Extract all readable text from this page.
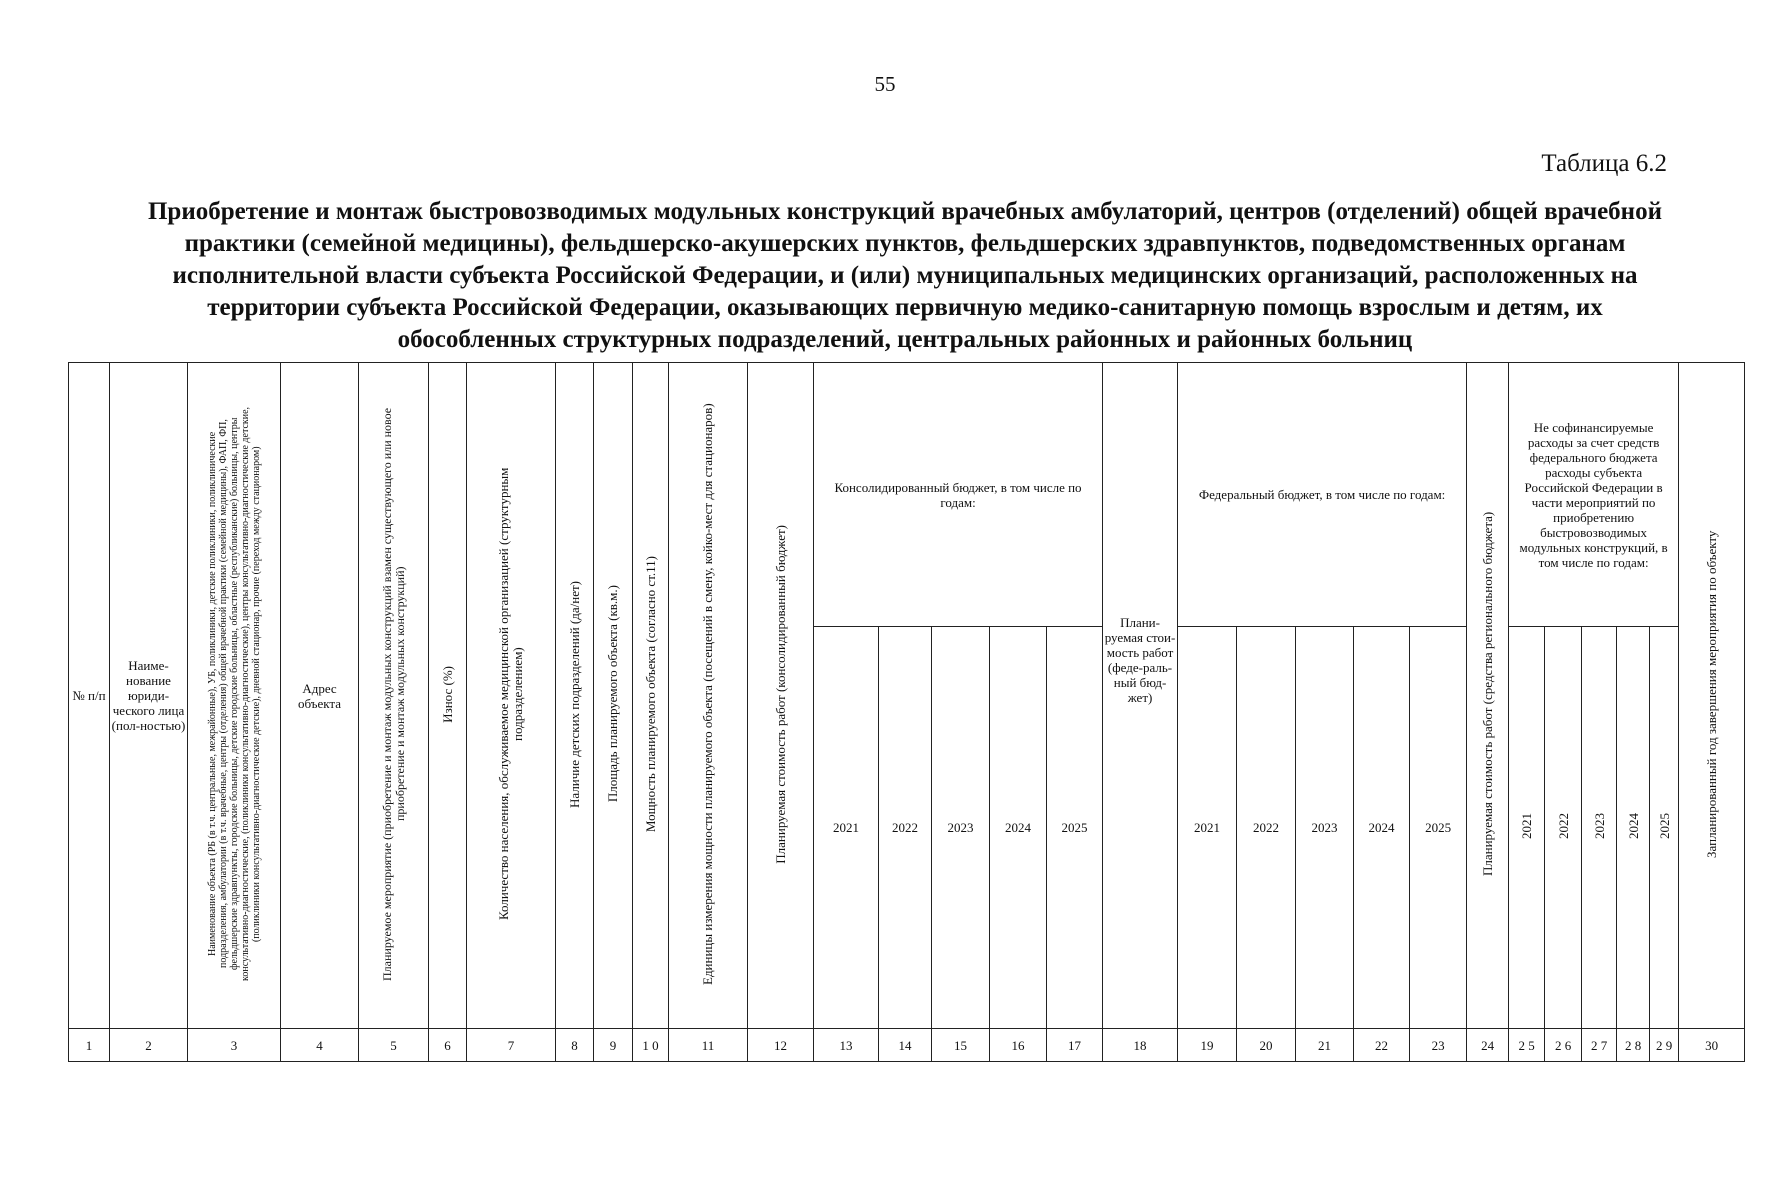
55
Таблица 6.2
Приобретение и монтаж быстровозводимых модульных конструкций врачебных амбулаторий, центров (отделений) общей врачебной практики (семейной медицины), фельдшерско-акушерских пунктов, фельдшерских здравпунктов, подведомственных органам исполнительной власти субъекта Российской Федерации, и (или) муниципальных медицинских организаций, расположенных на территории субъекта Российской Федерации, оказывающих первичную медико-санитарную помощь взрослым и детям, их обособленных структурных подразделений, центральных районных и районных больниц
№ п/п	Наиме-нование юриди-ческого лица (пол-ностью)	Наименование объекта (РБ (в т.ч. центральные, межрайонные), УБ, поликлиники, детские поликлиники, поликлинические подразделения, амбулатории (в т.ч. врачебные, центры (отделения) общей врачебной практики (семейной медицины), ФАП, ФП, фельдшерские здравпункты, городские больницы, детские городские больницы, областные (республиканские) больницы, центры консультативно-диагностические, (поликлиники консультативно-диагностические), центры консультативно-диагностические детские, (поликлиники консультативно-диагностические детские), дневной стационар, прочие (переход между стационаром)	Адрес объекта	Планируемое мероприятие (приобретение и монтаж модульных конструкций взамен существующего или новое приобретение и монтаж модульных конструкций)	Износ (%)	Количество населения, обслуживаемое медицинской организацией (структурным подразделением)	Наличие детских подразделений (да/нет)	Площадь планируемого объекта (кв.м.)	Мощность планируемого объекта (согласно ст.11)	Единицы измерения мощности планируемого объекта (посещений в смену, койко-мест для стационаров)	Планируемая стоимость работ (консолидированный бюджет)	Консолидированный бюджет, в том числе по годам:					Плани-руемая стои-мость работ (феде-раль-ный бюд-жет)	Федеральный бюджет, в том числе по годам:					Планируемая стоимость работ (средства регионального бюджета)	Не софинансируемые расходы за счет средств федерального бюджета расходы субъекта Российской Федерации в части мероприятий по приобретению быстровозводимых модульных конструкций, в том числе по годам:					Запланированный год завершения мероприятия по объекту
												2021	2022	2023	2024	2025		2021	2022	2023	2024	2025		2021	2022	2023	2024	2025	
1	2	3	4	5	6	7	8	9	1 0	11	12	13	14	15	16	17	18	19	20	21	22	23	24	2 5	2 6	2 7	2 8	2 9	30
